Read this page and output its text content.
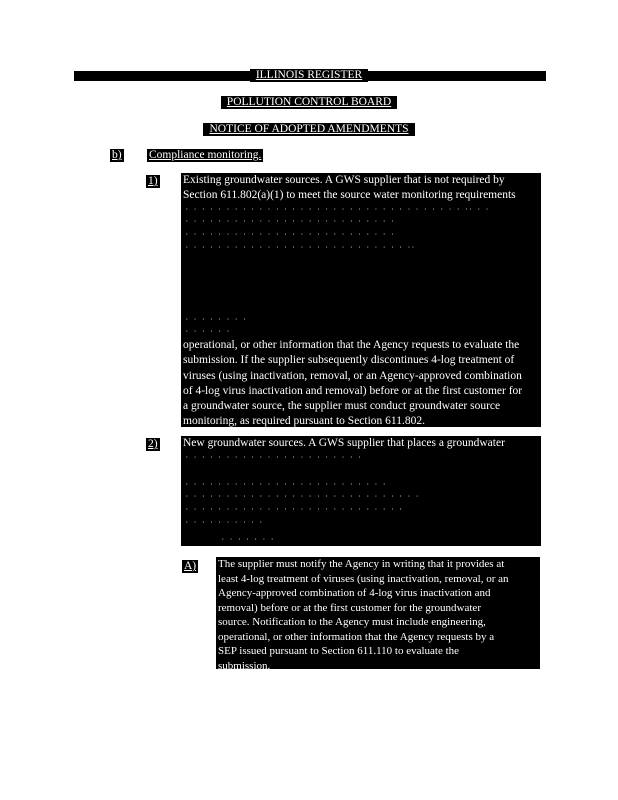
ILLINOIS REGISTER
POLLUTION CONTROL BOARD
NOTICE OF ADOPTED AMENDMENTS
b) Compliance monitoring.
1) Existing groundwater sources. A GWS supplier that is not required by
Section 611.802(a)(1) to meet the source water monitoring requirements
· · · · · · · · · · · · · · · · · · · · · · · · · · · · · · · · · · ·· · ·
· · · · · · · · · · · · · · · · · · · · · · · · · ·
· · · · · · · · · · · · · · · · · · · · · · · · · ·
· · · · · · · · · · · · · · · · · · · · · · · · · · · ··
· · · · · · · ·
· · · · · ·
operational, or other information that the Agency requests to evaluate the
submission. If the supplier subsequently discontinues 4-log treatment of
viruses (using inactivation, removal, or an Agency-approved combination
of 4-log virus inactivation and removal) before or at the first customer for
a groundwater source, the supplier must conduct groundwater source
monitoring, as required pursuant to Section 611.802.
2) New groundwater sources. A GWS supplier that places a groundwater
· · · · · · · · · · · · · · · · · · · · · ·
· · · · · · · · · · · · · · · · · · · · · · · · ·
· · · · · · · · · · · · · · · · · · · · · · · · · · · · ·
· · · · · · · · · · · · · · · · · · · · · · · · · · ·
· · · · · · · · · ·
· · · · · · ·
A) The supplier must notify the Agency in writing that it provides at
least 4-log treatment of viruses (using inactivation, removal, or an
Agency-approved combination of 4-log virus inactivation and
removal) before or at the first customer for the groundwater
source. Notification to the Agency must include engineering,
operational, or other information that the Agency requests by a
SEP issued pursuant to Section 611.110 to evaluate the
submission.
